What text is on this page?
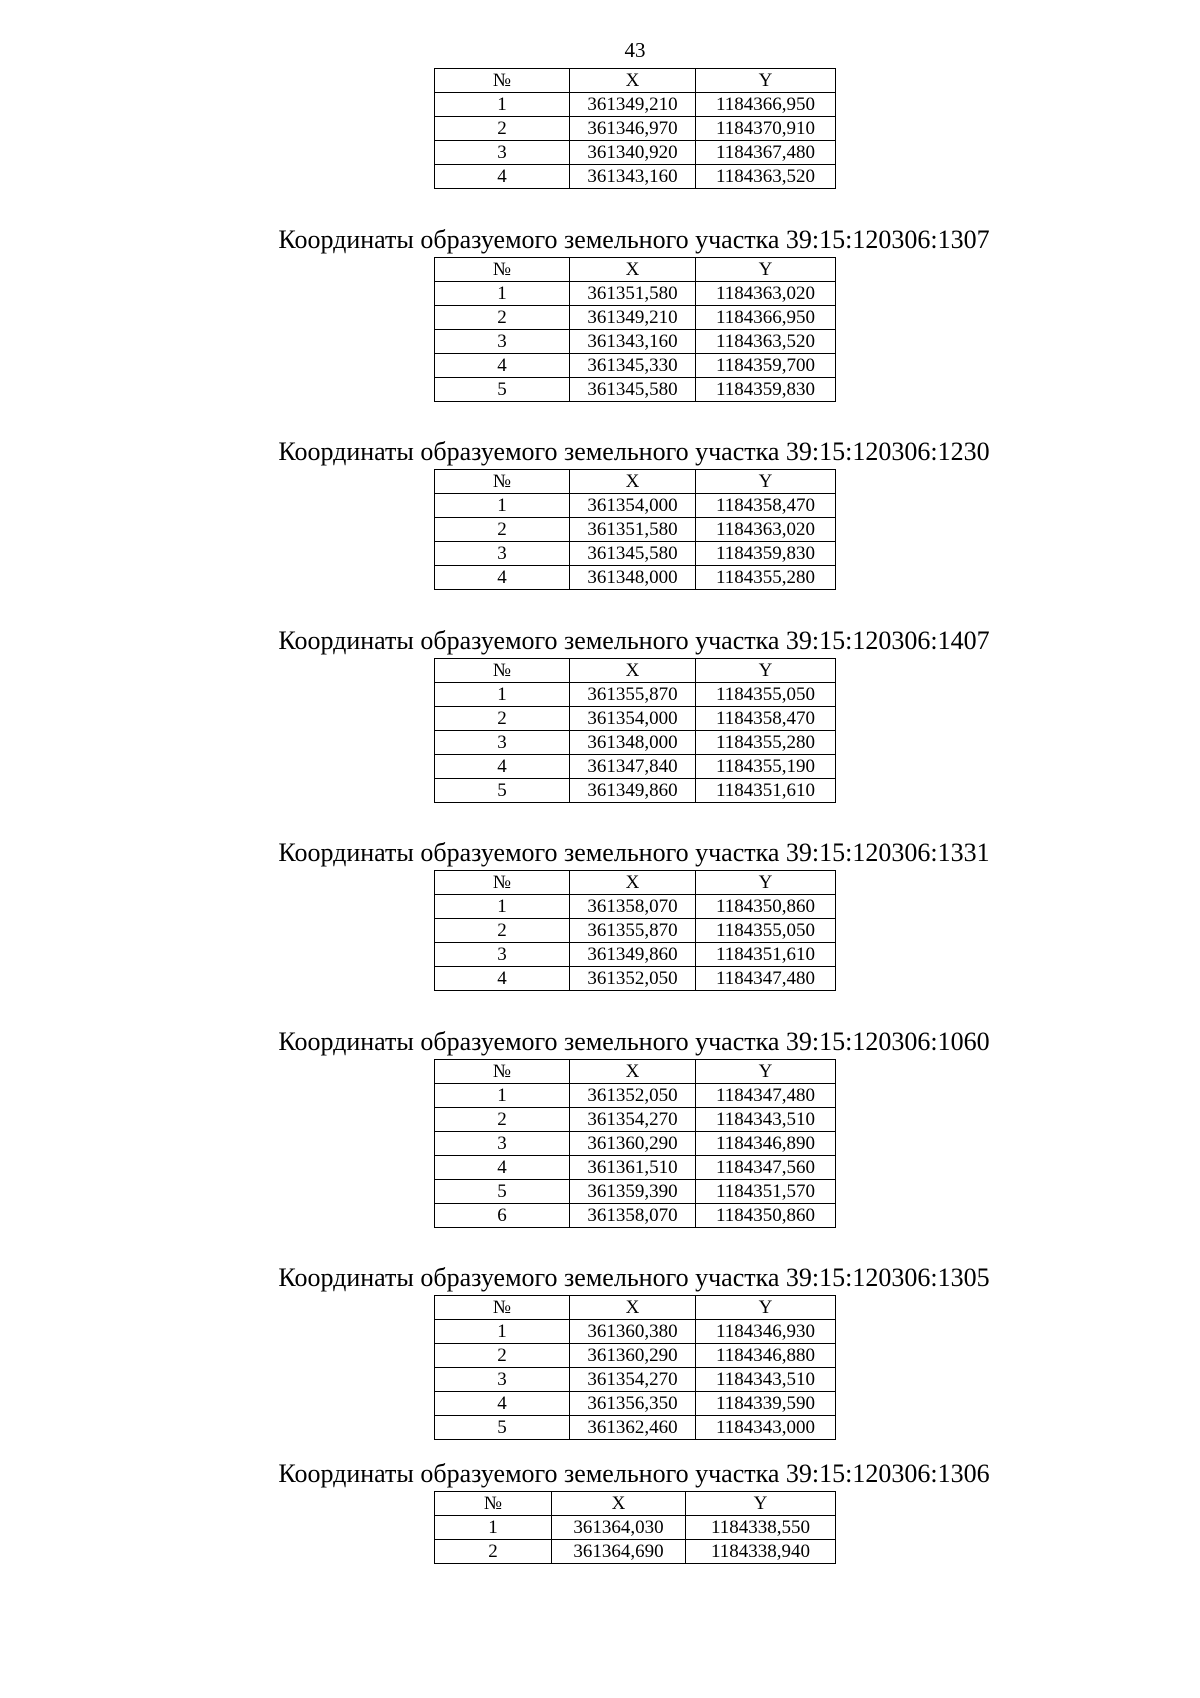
43
№	X	Y
1	361349,210	1184366,950
2	361346,970	1184370,910
3	361340,920	1184367,480
4	361343,160	1184363,520
Координаты образуемого земельного участка 39:15:120306:1307
№	X	Y
1	361351,580	1184363,020
2	361349,210	1184366,950
3	361343,160	1184363,520
4	361345,330	1184359,700
5	361345,580	1184359,830
Координаты образуемого земельного участка 39:15:120306:1230
№	X	Y
1	361354,000	1184358,470
2	361351,580	1184363,020
3	361345,580	1184359,830
4	361348,000	1184355,280
Координаты образуемого земельного участка 39:15:120306:1407
№	X	Y
1	361355,870	1184355,050
2	361354,000	1184358,470
3	361348,000	1184355,280
4	361347,840	1184355,190
5	361349,860	1184351,610
Координаты образуемого земельного участка 39:15:120306:1331
№	X	Y
1	361358,070	1184350,860
2	361355,870	1184355,050
3	361349,860	1184351,610
4	361352,050	1184347,480
Координаты образуемого земельного участка 39:15:120306:1060
№	X	Y
1	361352,050	1184347,480
2	361354,270	1184343,510
3	361360,290	1184346,890
4	361361,510	1184347,560
5	361359,390	1184351,570
6	361358,070	1184350,860
Координаты образуемого земельного участка 39:15:120306:1305
№	X	Y
1	361360,380	1184346,930
2	361360,290	1184346,880
3	361354,270	1184343,510
4	361356,350	1184339,590
5	361362,460	1184343,000
Координаты образуемого земельного участка 39:15:120306:1306
№	X	Y
1	361364,030	1184338,550
2	361364,690	1184338,940
